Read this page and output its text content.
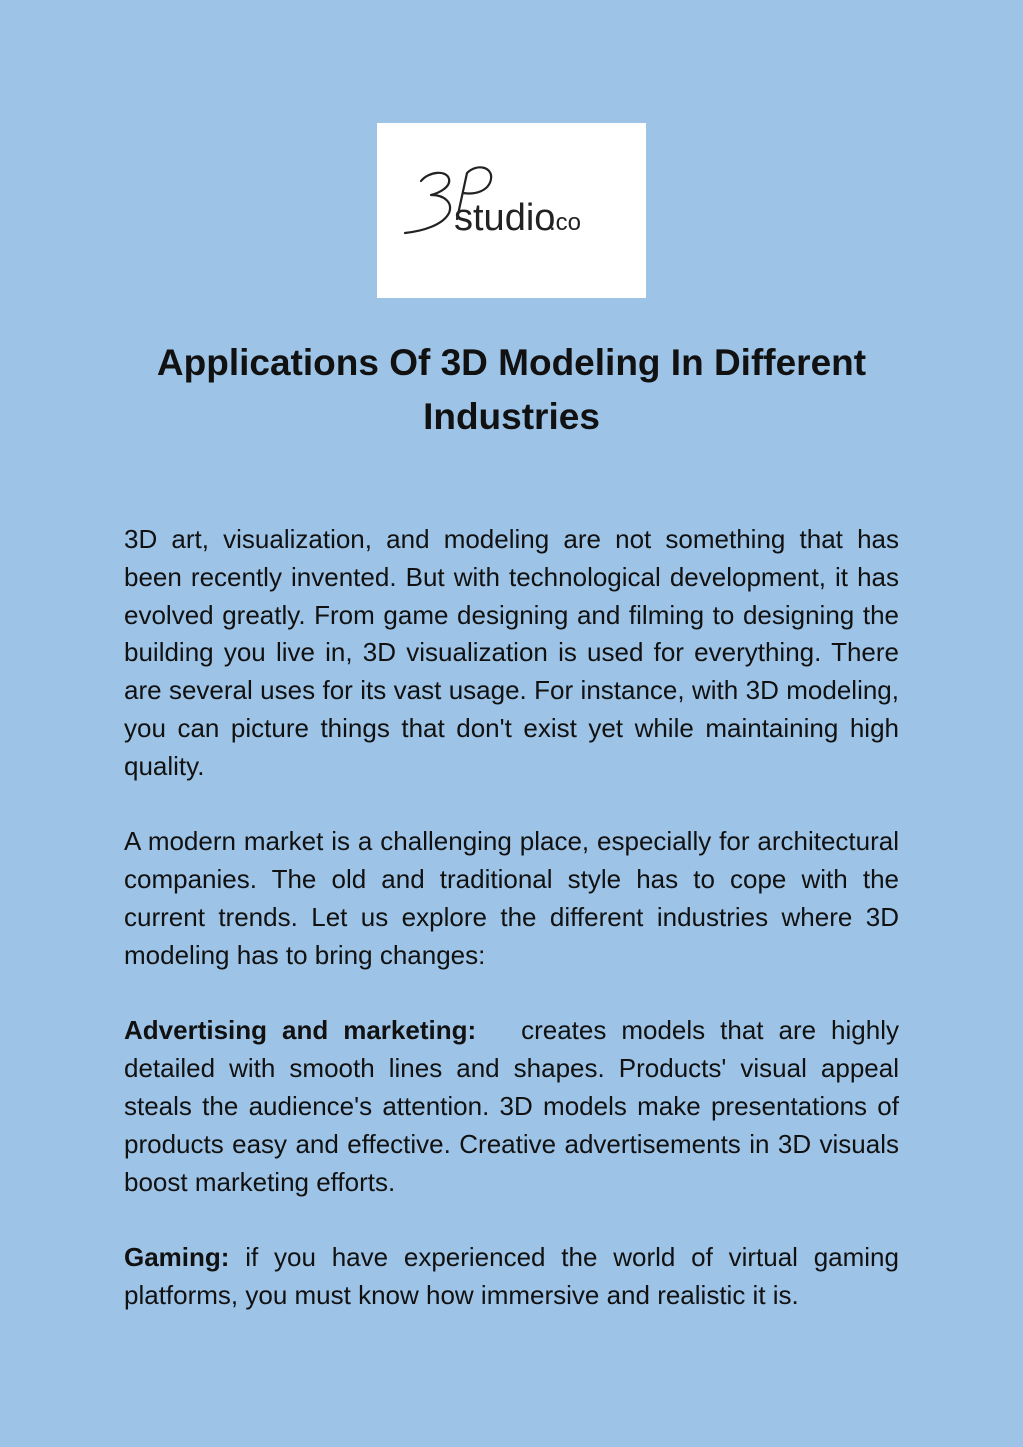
studio
.co
Applications Of 3D Modeling In Different Industries

3D art, visualization, and modeling are not something that has been recently invented. But with technological development, it has evolved greatly. From game designing and filming to designing the building you live in, 3D visualization is used for everything. There are several uses for its vast usage. For instance, with 3D modeling, you can picture things that don't exist yet while maintaining high quality.

A modern market is a challenging place, especially for architectural companies. The old and traditional style has to cope with the current trends. Let us explore the different industries where 3D modeling has to bring changes:

Advertising and marketing: creates models that are highly detailed with smooth lines and shapes. Products' visual appeal steals the audience's attention. 3D models make presentations of products easy and effective. Creative advertisements in 3D visuals boost marketing efforts.

Gaming: if you have experienced the world of virtual gaming platforms, you must know how immersive and realistic it is.
